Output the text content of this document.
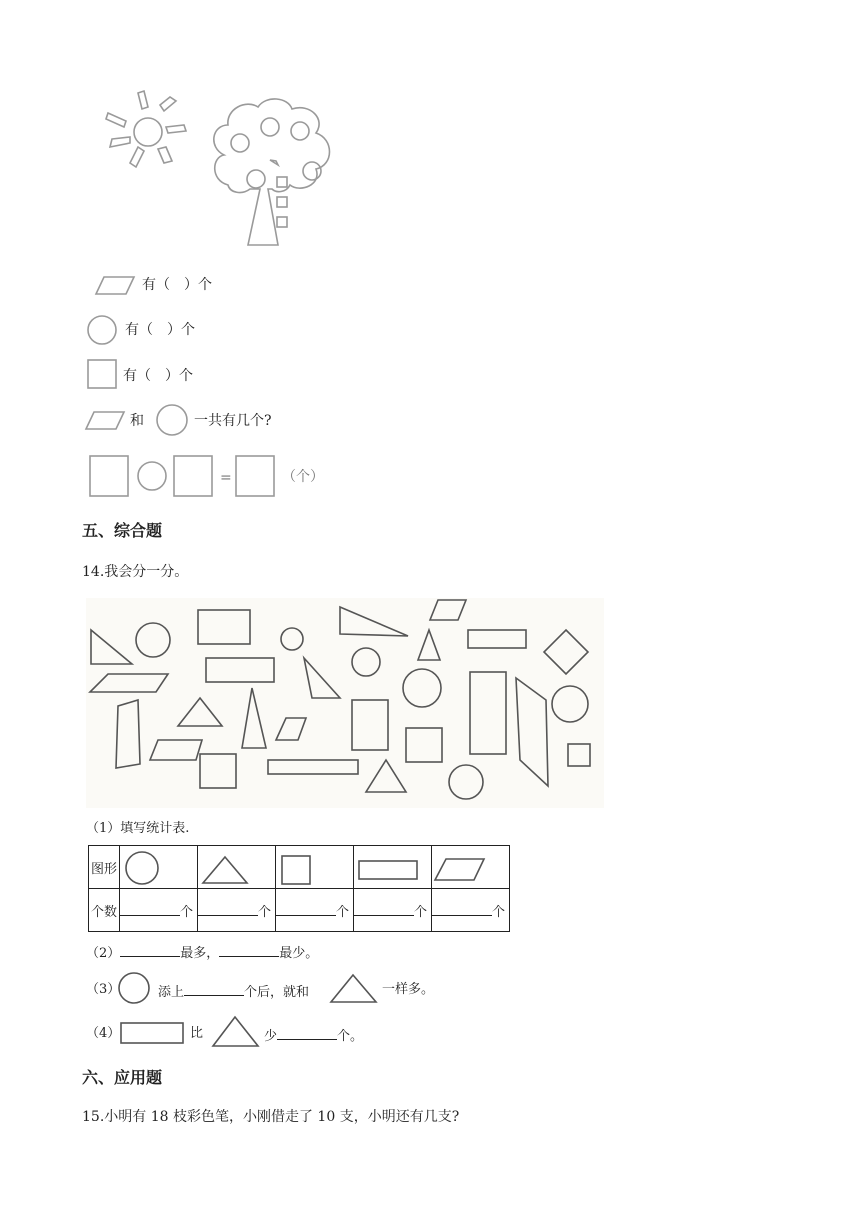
有（　）个
有（　）个
有（　）个
和	一共有几个?
=	（个）
五、综合题
14.我会分一分。
（1）填写统计表.
图形	

个数	个	个	个	个	个
（2）	最多，	最少。
（3）	添上	个后，就和	一样多。
（4）	比	少	个。
六、应用题
15.小明有 18 枝彩色笔，小刚借走了 10 支，小明还有几支?
